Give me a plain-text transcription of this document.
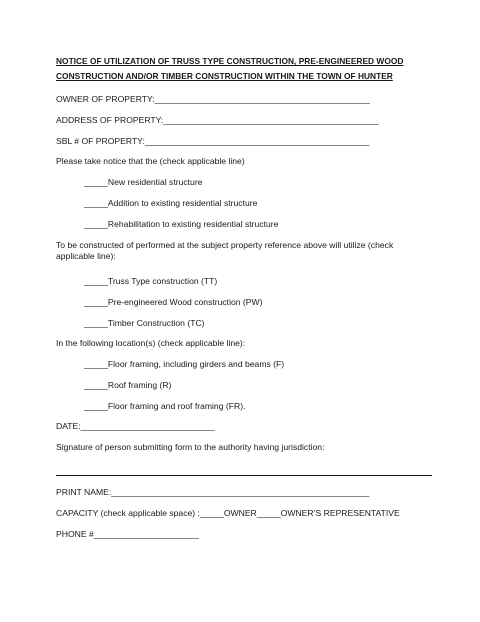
NOTICE OF UTILIZATION OF TRUSS TYPE CONSTRUCTION, PRE-ENGINEERED WOOD
CONSTRUCTION AND/OR TIMBER CONSTRUCTION WITHIN THE TOWN OF HUNTER
OWNER OF PROPERTY:_____________________________________________
ADDRESS OF PROPERTY:_____________________________________________
SBL # OF PROPERTY:_______________________________________________
Please take notice that the (check applicable line)
_____New residential structure
_____Addition to existing residential structure
_____Rehabilitation to existing residential structure
To be constructed of performed at the subject property reference above will utilize (check applicable line):
_____Truss Type construction (TT)
_____Pre-engineered Wood construction (PW)
_____Timber Construction (TC)
In the following location(s) (check applicable line):
_____Floor framing, including girders and beams (F)
_____Roof framing (R)
_____Floor framing and roof framing (FR).
DATE:____________________________
Signature of person submitting form to the authority having jurisdiction:
PRINT NAME:______________________________________________________
CAPACITY (check applicable space) :_____OWNER_____OWNER’S REPRESENTATIVE
PHONE #______________________
